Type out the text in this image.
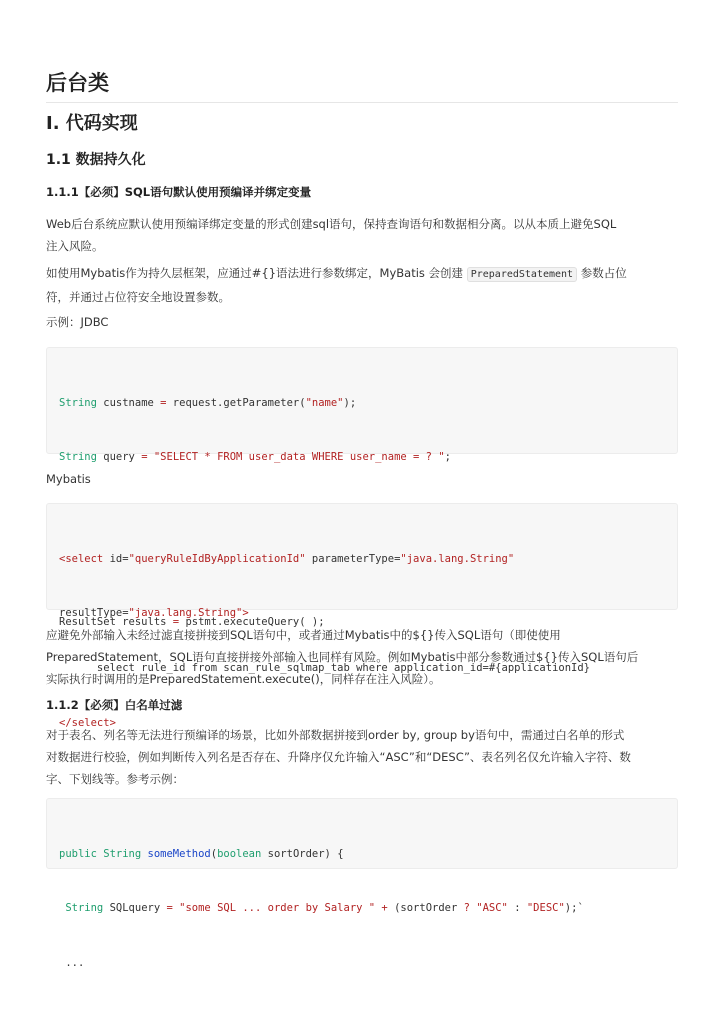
后台类
I. 代码实现
1.1 数据持久化
1.1.1【必须】SQL语句默认使用预编译并绑定变量

Web后台系统应默认使用预编译绑定变量的形式创建sql语句，保持查询语句和数据相分离。以从本质上避免SQL
注入风险。

如使用Mybatis作为持久层框架，应通过#{}语法进行参数绑定，MyBatis 会创建 PreparedStatement 参数占位
符，并通过占位符安全地设置参数。

示例：JDBC

String custname = request.getParameter("name");

String query = "SELECT * FROM user_data WHERE user_name = ? ";

ResultSet results = pstmt.executeQuery( );

Mybatis

<select id="queryRuleIdByApplicationId" parameterType="java.lang.String"

resultType="java.lang.String">

select rule_id from scan_rule_sqlmap_tab where application_id=#{applicationId}

</select>

应避免外部输入未经过滤直接拼接到SQL语句中，或者通过Mybatis中的${}传入SQL语句（即使使用
PreparedStatement，SQL语句直接拼接外部输入也同样有风险。例如Mybatis中部分参数通过${}传入SQL语句后
实际执行时调用的是PreparedStatement.execute()，同样存在注入风险）。

1.1.2【必须】白名单过滤

对于表名、列名等无法进行预编译的场景，比如外部数据拼接到order by, group by语句中，需通过白名单的形式
对数据进行校验，例如判断传入列名是否存在、升降序仅允许输入“ASC”和“DESC”、表名列名仅允许输入字符、数
字、下划线等。参考示例：

public String someMethod(boolean sortOrder) {

String SQLquery = "some SQL ... order by Salary " + (sortOrder ? "ASC" : "DESC");`

...
